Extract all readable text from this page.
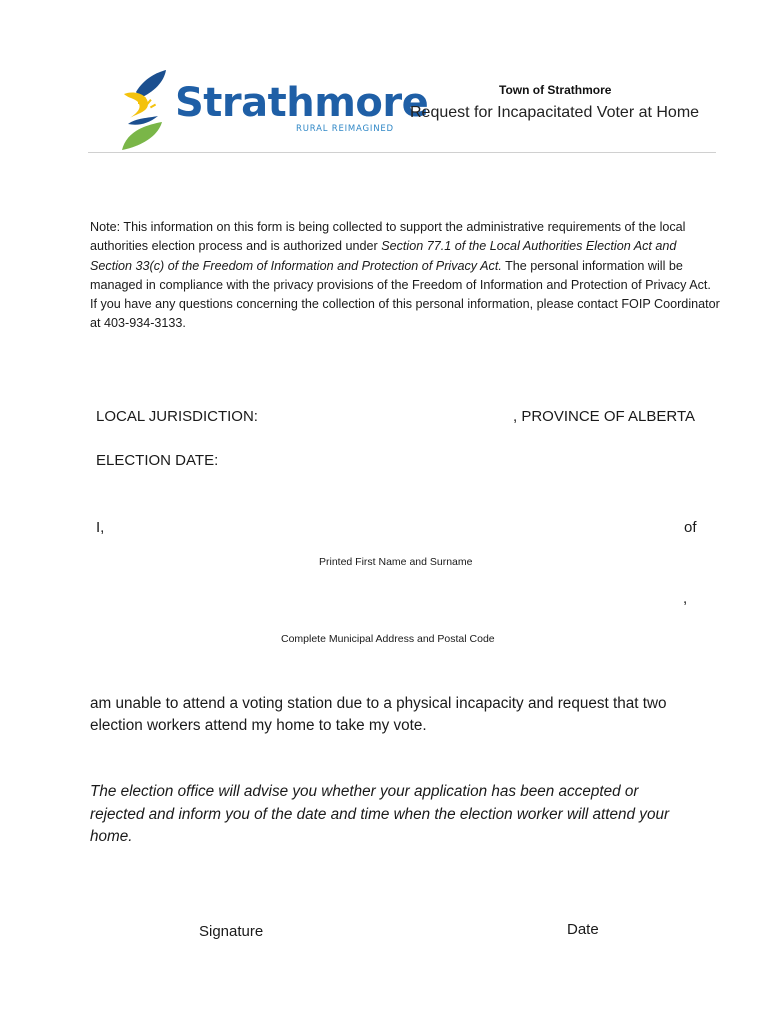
Strathmore
RURAL REIMAGINED
Town of Strathmore
Request for Incapacitated Voter at Home
Note: This information on this form is being collected to support the administrative requirements of the local authorities election process and is authorized under Section 77.1 of the Local Authorities Election Act and Section 33(c) of the Freedom of Information and Protection of Privacy Act. The personal information will be managed in compliance with the privacy provisions of the Freedom of Information and Protection of Privacy Act. If you have any questions concerning the collection of this personal information, please contact FOIP Coordinator at 403-934-3133.
LOCAL JURISDICTION:	, PROVINCE OF ALBERTA
ELECTION DATE:
I,	of
Printed First Name and Surname
,
Complete Municipal Address and Postal Code
am unable to attend a voting station due to a physical incapacity and request that two election workers attend my home to take my vote.
The election office will advise you whether your application has been accepted or rejected and inform you of the date and time when the election worker will attend your home.
Signature	Date
